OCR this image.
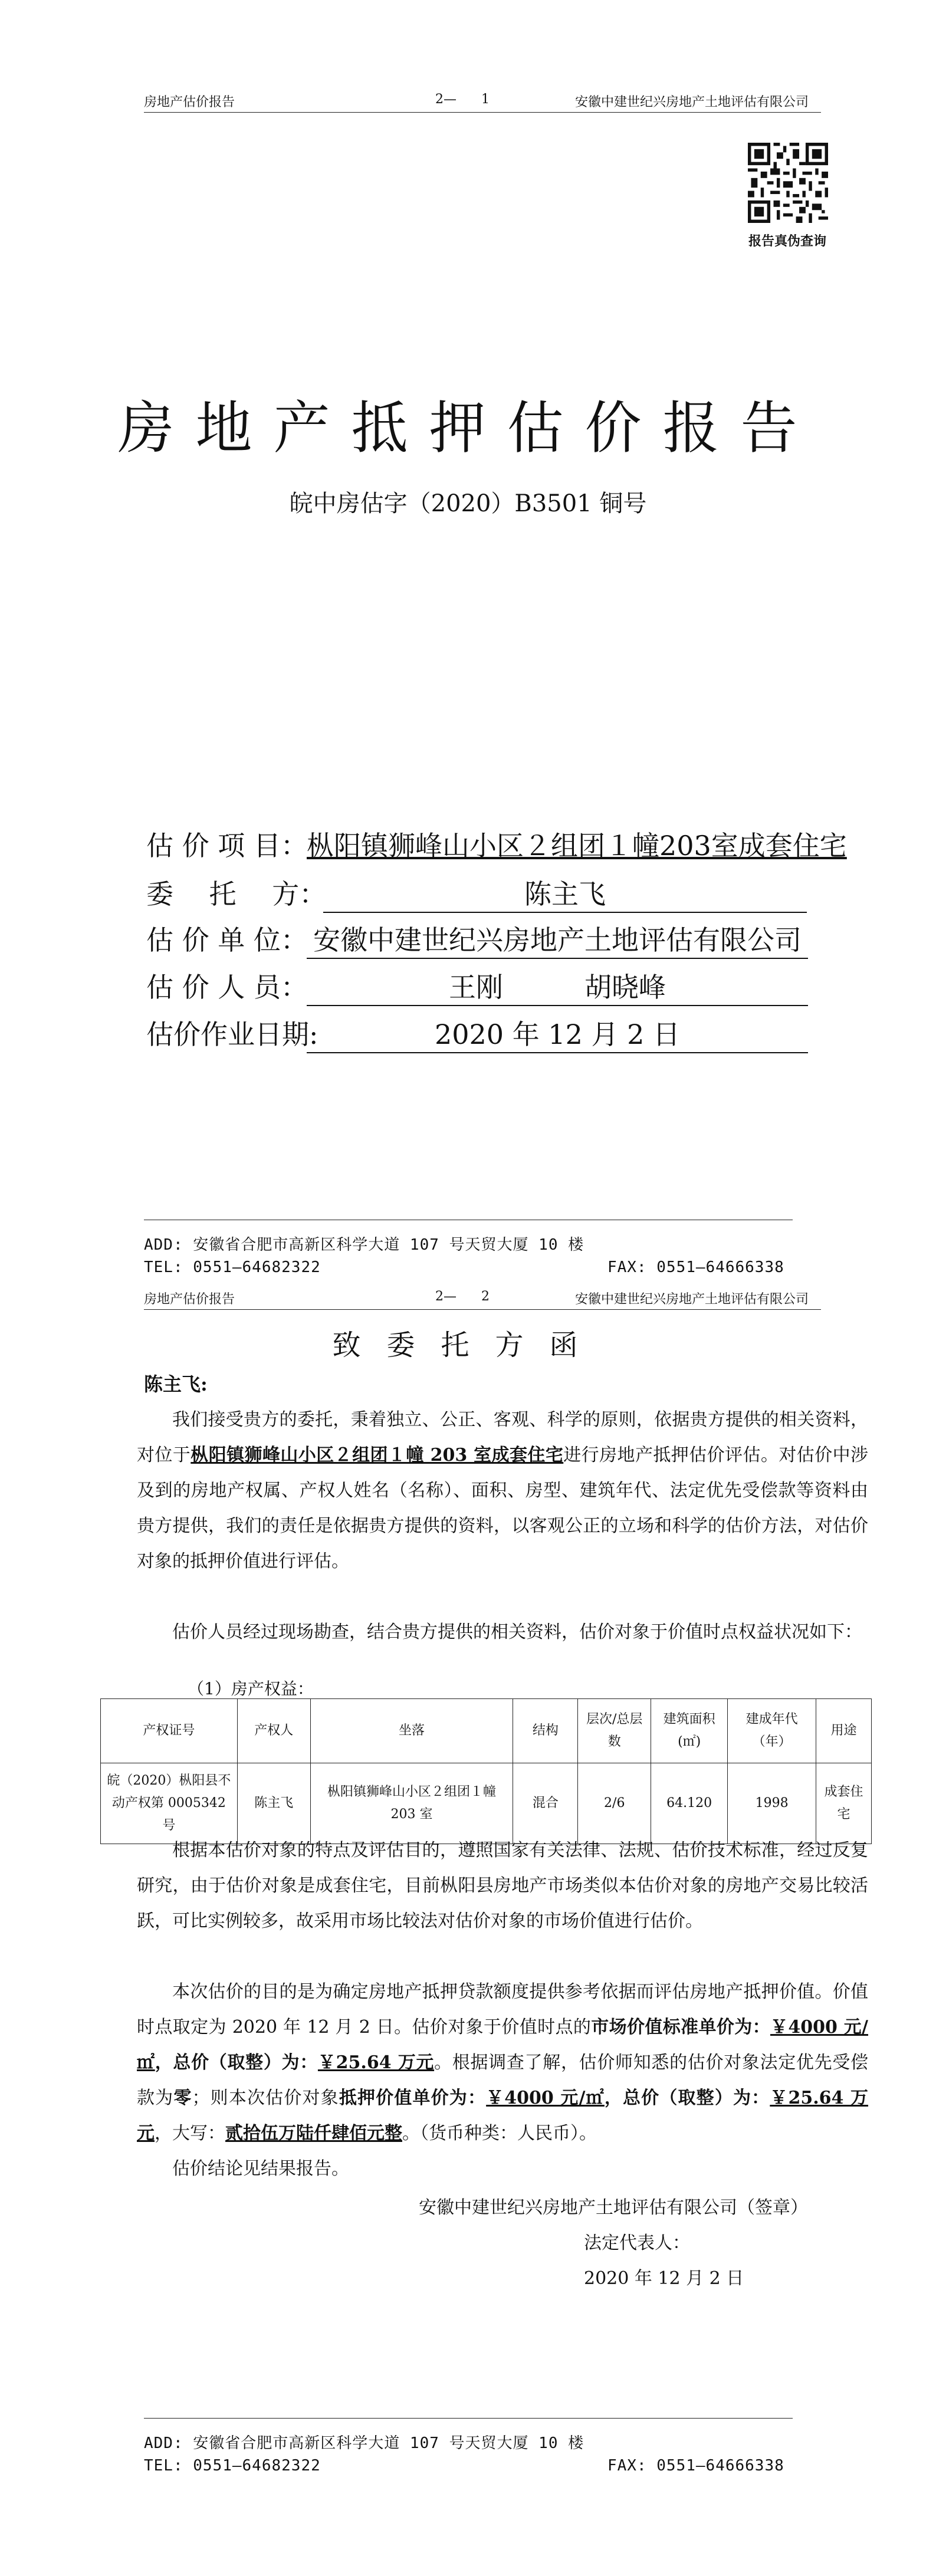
房地产估价报告	2—      1	安徽中建世纪兴房地产土地评估有限公司
报告真伪查询
房地产抵押估价报告
皖中房估字（2020）B3501 铜号
估 价 项 目：
枞阳镇狮峰山小区２组团１幢203室成套住宅
委　 托　 方：	陈主飞
估 价 单 位： 安徽中建世纪兴房地产土地评估有限公司
估 价 人 员：	王刚　　　胡晓峰
估价作业日期:	2020 年 12 月 2 日
ADD: 安徽省合肥市高新区科学大道 107 号天贸大厦 10 楼
TEL: 0551—64682322	FAX: 0551—64666338
房地产估价报告	2—      2	安徽中建世纪兴房地产土地评估有限公司
致委托方函
陈主飞:
我们接受贵方的委托，秉着独立、公正、客观、科学的原则，依据贵方提供的相关资料，对位于枞阳镇狮峰山小区２组团１幢 203 室成套住宅进行房地产抵押估价评估。对估价中涉及到的房地产权属、产权人姓名（名称）、面积、房型、建筑年代、法定优先受偿款等资料由贵方提供，我们的责任是依据贵方提供的资料，以客观公正的立场和科学的估价方法，对估价对象的抵押价值进行评估。
估价人员经过现场勘查，结合贵方提供的相关资料，估价对象于价值时点权益状况如下：
（1）房产权益：
产权证号	产权人	坐落	结构	层次/总层数	建筑面积(㎡)	建成年代（年）	用途
皖（2020）枞阳县不动产权第 0005342 号	陈主飞	枞阳镇狮峰山小区２组团１幢 203 室	混合	2/6	64.120	1998	成套住宅
根据本估价对象的特点及评估目的，遵照国家有关法律、法规、估价技术标准，经过反复研究，由于估价对象是成套住宅，目前枞阳县房地产市场类似本估价对象的房地产交易比较活跃，可比实例较多，故采用市场比较法对估价对象的市场价值进行估价。
本次估价的目的是为确定房地产抵押贷款额度提供参考依据而评估房地产抵押价值。价值时点取定为 2020 年 12 月 2 日。估价对象于价值时点的市场价值标准单价为：￥4000 元/㎡，总价（取整）为：￥25.64 万元。根据调查了解，估价师知悉的估价对象法定优先受偿款为零；则本次估价对象抵押价值单价为：￥4000 元/㎡，总价（取整）为：￥25.64 万元，大写：贰拾伍万陆仟肆佰元整。（货币种类：人民币）。
估价结论见结果报告。
安徽中建世纪兴房地产土地评估有限公司（签章）
法定代表人：
2020 年 12 月 2 日
ADD: 安徽省合肥市高新区科学大道 107 号天贸大厦 10 楼
TEL: 0551—64682322	FAX: 0551—64666338
